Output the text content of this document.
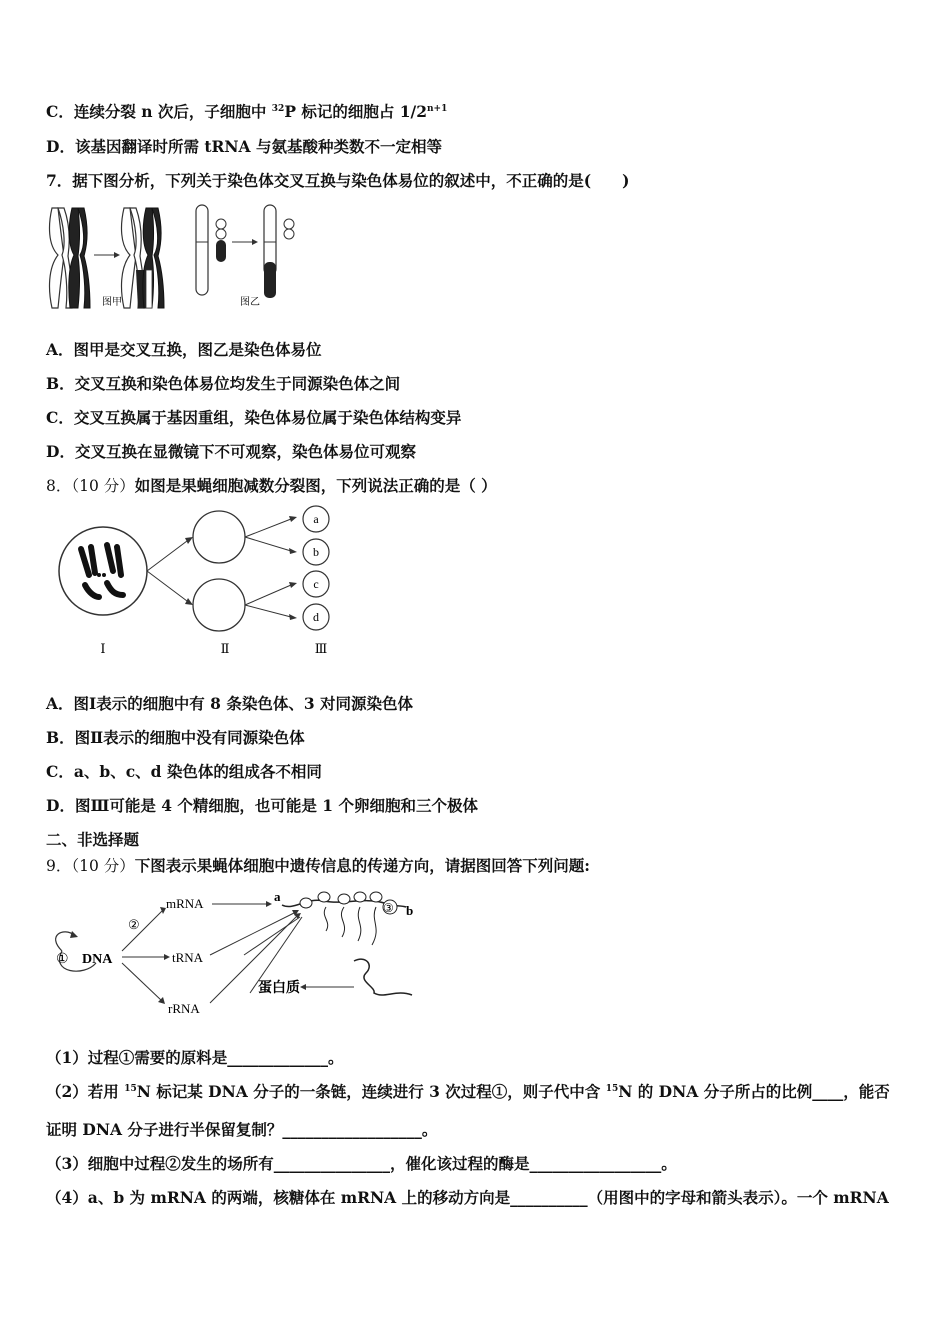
C．连续分裂 n 次后，子细胞中 $^{32}$P 标记的细胞占 $1/2^{n+1}$
D．该基因翻译时所需 tRNA 与氨基酸种类数不一定相等
7．据下图分析，下列关于染色体交叉互换与染色体易位的叙述中，不正确的是(　　)
图甲	图乙
A．图甲是交叉互换，图乙是染色体易位
B．交叉互换和染色体易位均发生于同源染色体之间
C．交叉互换属于基因重组，染色体易位属于染色体结构变异
D．交叉互换在显微镜下不可观察，染色体易位可观察
8．（10 分）如图是果蝇细胞减数分裂图，下列说法正确的是（ ）
a
b
c
d
Ⅰ	Ⅱ	Ⅲ
A．图Ⅰ表示的细胞中有 8 条染色体、3 对同源染色体
B．图Ⅱ表示的细胞中没有同源染色体
C．a、b、c、d 染色体的组成各不相同
D．图Ⅲ可能是 4 个精细胞，也可能是 1 个卵细胞和三个极体
二、非选择题
9．（10 分）下图表示果蝇体细胞中遗传信息的传递方向，请据图回答下列问题:
① DNA
②
mRNA
tRNA
rRNA
a
③ b
蛋白质
（1）过程①需要的原料是_____________。
（2）若用 $^{15}$N 标记某 DNA 分子的一条链，连续进行 3 次过程①，则子代中含 $^{15}$N 的 DNA 分子所占的比例____，能否
证明 DNA 分子进行半保留复制？__________________。
（3）细胞中过程②发生的场所有_______________，催化该过程的酶是_________________。
（4）a、b 为 mRNA 的两端，核糖体在 mRNA 上的移动方向是__________（用图中的字母和箭头表示）。一个 mRNA
